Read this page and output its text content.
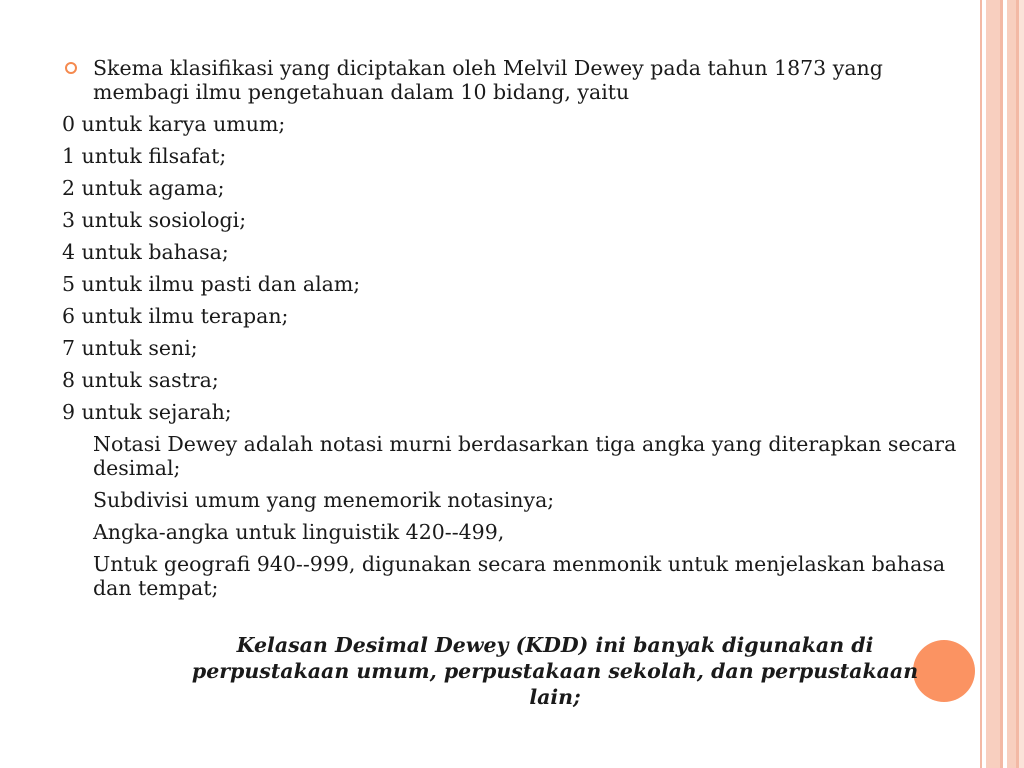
Skema klasifikasi yang diciptakan oleh Melvil Dewey pada tahun 1873 yang membagi ilmu pengetahuan dalam 10 bidang, yaitu
0 untuk karya umum;
1 untuk filsafat;
2 untuk agama;
3 untuk sosiologi;
4 untuk bahasa;
5 untuk ilmu pasti dan alam;
6 untuk ilmu terapan;
7 untuk seni;
8 untuk sastra;
9 untuk sejarah;
Notasi Dewey adalah notasi murni berdasarkan tiga angka yang diterapkan secara desimal;
Subdivisi umum yang menemorik notasinya;
Angka-angka untuk linguistik 420--499,
Untuk geografi 940--999, digunakan secara menmonik untuk menjelaskan bahasa dan tempat;
Kelasan Desimal Dewey (KDD) ini banyak digunakan di perpustakaan umum, perpustakaan sekolah, dan perpustakaan lain;
